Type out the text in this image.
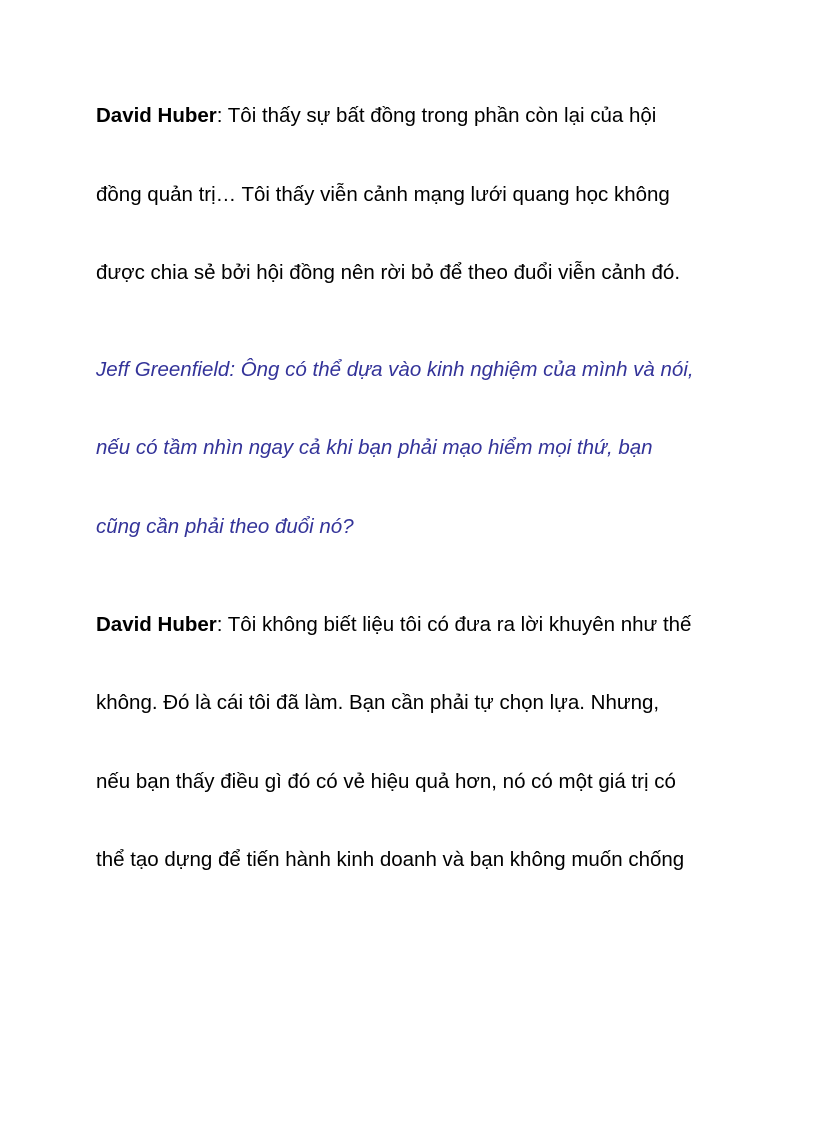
David Huber: Tôi thấy sự bất đồng trong phần còn lại của hội
đồng quản trị… Tôi thấy viễn cảnh mạng lưới quang học không
được chia sẻ bởi hội đồng nên rời bỏ để theo đuổi viễn cảnh đó.
Jeff Greenfield: Ông có thể dựa vào kinh nghiệm của mình và nói,
nếu có tầm nhìn ngay cả khi bạn phải mạo hiểm mọi thứ, bạn
cũng cần phải theo đuổi nó?
David Huber: Tôi không biết liệu tôi có đưa ra lời khuyên như thế
không. Đó là cái tôi đã làm. Bạn cần phải tự chọn lựa. Nhưng,
nếu bạn thấy điều gì đó có vẻ hiệu quả hơn, nó có một giá trị có
thể tạo dựng để tiến hành kinh doanh và bạn không muốn chống
